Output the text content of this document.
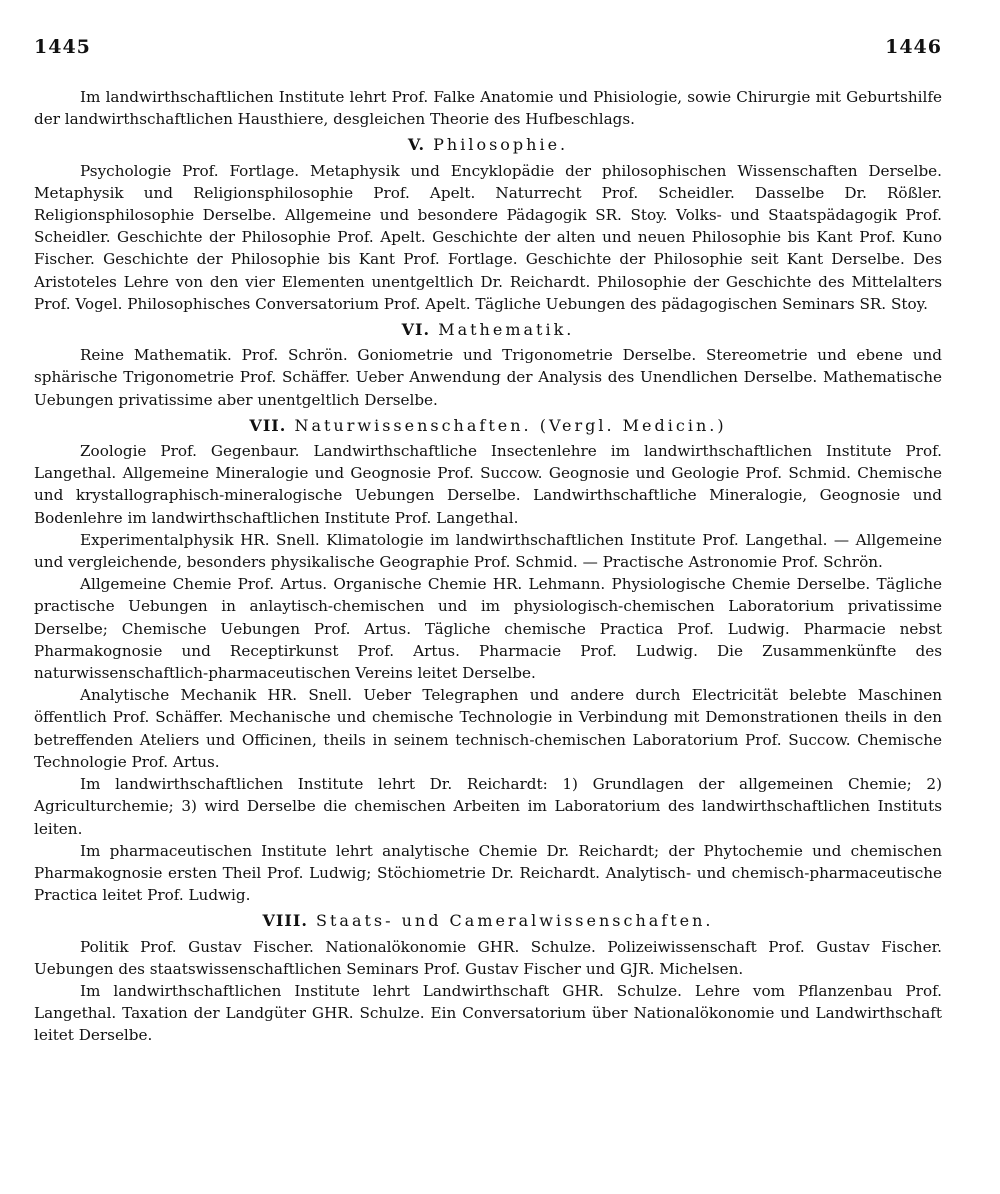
1445	1446

Im landwirthschaftlichen Institute lehrt Prof. Falke Anatomie und Phisiologie, sowie Chirurgie mit Geburtshilfe der landwirthschaftlichen Hausthiere, desgleichen Theorie des Hufbeschlags.

V. Philosophie.

Psychologie Prof. Fortlage. Metaphysik und Encyklopädie der philosophischen Wissenschaften Derselbe. Metaphysik und Religionsphilosophie Prof. Apelt. Naturrecht Prof. Scheidler. Dasselbe Dr. Rößler. Religionsphilosophie Derselbe. Allgemeine und besondere Pädagogik SR. Stoy. Volks- und Staatspädagogik Prof. Scheidler. Geschichte der Philosophie Prof. Apelt. Geschichte der alten und neuen Philosophie bis Kant Prof. Kuno Fischer. Geschichte der Philosophie bis Kant Prof. Fortlage. Geschichte der Philosophie seit Kant Derselbe. Des Aristoteles Lehre von den vier Elementen unentgeltlich Dr. Reichardt. Philosophie der Geschichte des Mittelalters Prof. Vogel. Philosophisches Conversatorium Prof. Apelt. Tägliche Uebungen des pädagogischen Seminars SR. Stoy.

VI. Mathematik.

Reine Mathematik. Prof. Schrön. Goniometrie und Trigonometrie Derselbe. Stereometrie und ebene und sphärische Trigonometrie Prof. Schäffer. Ueber Anwendung der Analysis des Unendlichen Derselbe. Mathematische Uebungen privatissime aber unentgeltlich Derselbe.

VII. Naturwissenschaften. (Vergl. Medicin.)

Zoologie Prof. Gegenbaur. Landwirthschaftliche Insectenlehre im landwirthschaftlichen Institute Prof. Langethal. Allgemeine Mineralogie und Geognosie Prof. Succow. Geognosie und Geologie Prof. Schmid. Chemische und krystallographisch-mineralogische Uebungen Derselbe. Landwirthschaftliche Mineralogie, Geognosie und Bodenlehre im landwirthschaftlichen Institute Prof. Langethal.

Experimentalphysik HR. Snell. Klimatologie im landwirthschaftlichen Institute Prof. Langethal. — Allgemeine und vergleichende, besonders physikalische Geographie Prof. Schmid. — Practische Astronomie Prof. Schrön.

Allgemeine Chemie Prof. Artus. Organische Chemie HR. Lehmann. Physiologische Chemie Derselbe. Tägliche practische Uebungen in anlaytisch-chemischen und im physiologisch-chemischen Laboratorium privatissime Derselbe; Chemische Uebungen Prof. Artus. Tägliche chemische Practica Prof. Ludwig. Pharmacie nebst Pharmakognosie und Receptirkunst Prof. Artus. Pharmacie Prof. Ludwig. Die Zusammenkünfte des naturwissenschaftlich-pharmaceutischen Vereins leitet Derselbe.

Analytische Mechanik HR. Snell. Ueber Telegraphen und andere durch Electricität belebte Maschinen öffentlich Prof. Schäffer. Mechanische und chemische Technologie in Verbindung mit Demonstrationen theils in den betreffenden Ateliers und Officinen, theils in seinem technisch-chemischen Laboratorium Prof. Succow. Chemische Technologie Prof. Artus.

Im landwirthschaftlichen Institute lehrt Dr. Reichardt: 1) Grundlagen der allgemeinen Chemie; 2) Agriculturchemie; 3) wird Derselbe die chemischen Arbeiten im Laboratorium des landwirthschaftlichen Instituts leiten.

Im pharmaceutischen Institute lehrt analytische Chemie Dr. Reichardt; der Phytochemie und chemischen Pharmakognosie ersten Theil Prof. Ludwig; Stöchiometrie Dr. Reichardt. Analytisch- und chemisch-pharmaceutische Practica leitet Prof. Ludwig.

VIII. Staats- und Cameralwissenschaften.

Politik Prof. Gustav Fischer. Nationalökonomie GHR. Schulze. Polizeiwissenschaft Prof. Gustav Fischer. Uebungen des staatswissenschaftlichen Seminars Prof. Gustav Fischer und GJR. Michelsen.

Im landwirthschaftlichen Institute lehrt Landwirthschaft GHR. Schulze. Lehre vom Pflanzenbau Prof. Langethal. Taxation der Landgüter GHR. Schulze. Ein Conversatorium über Nationalökonomie und Landwirthschaft leitet Derselbe.
